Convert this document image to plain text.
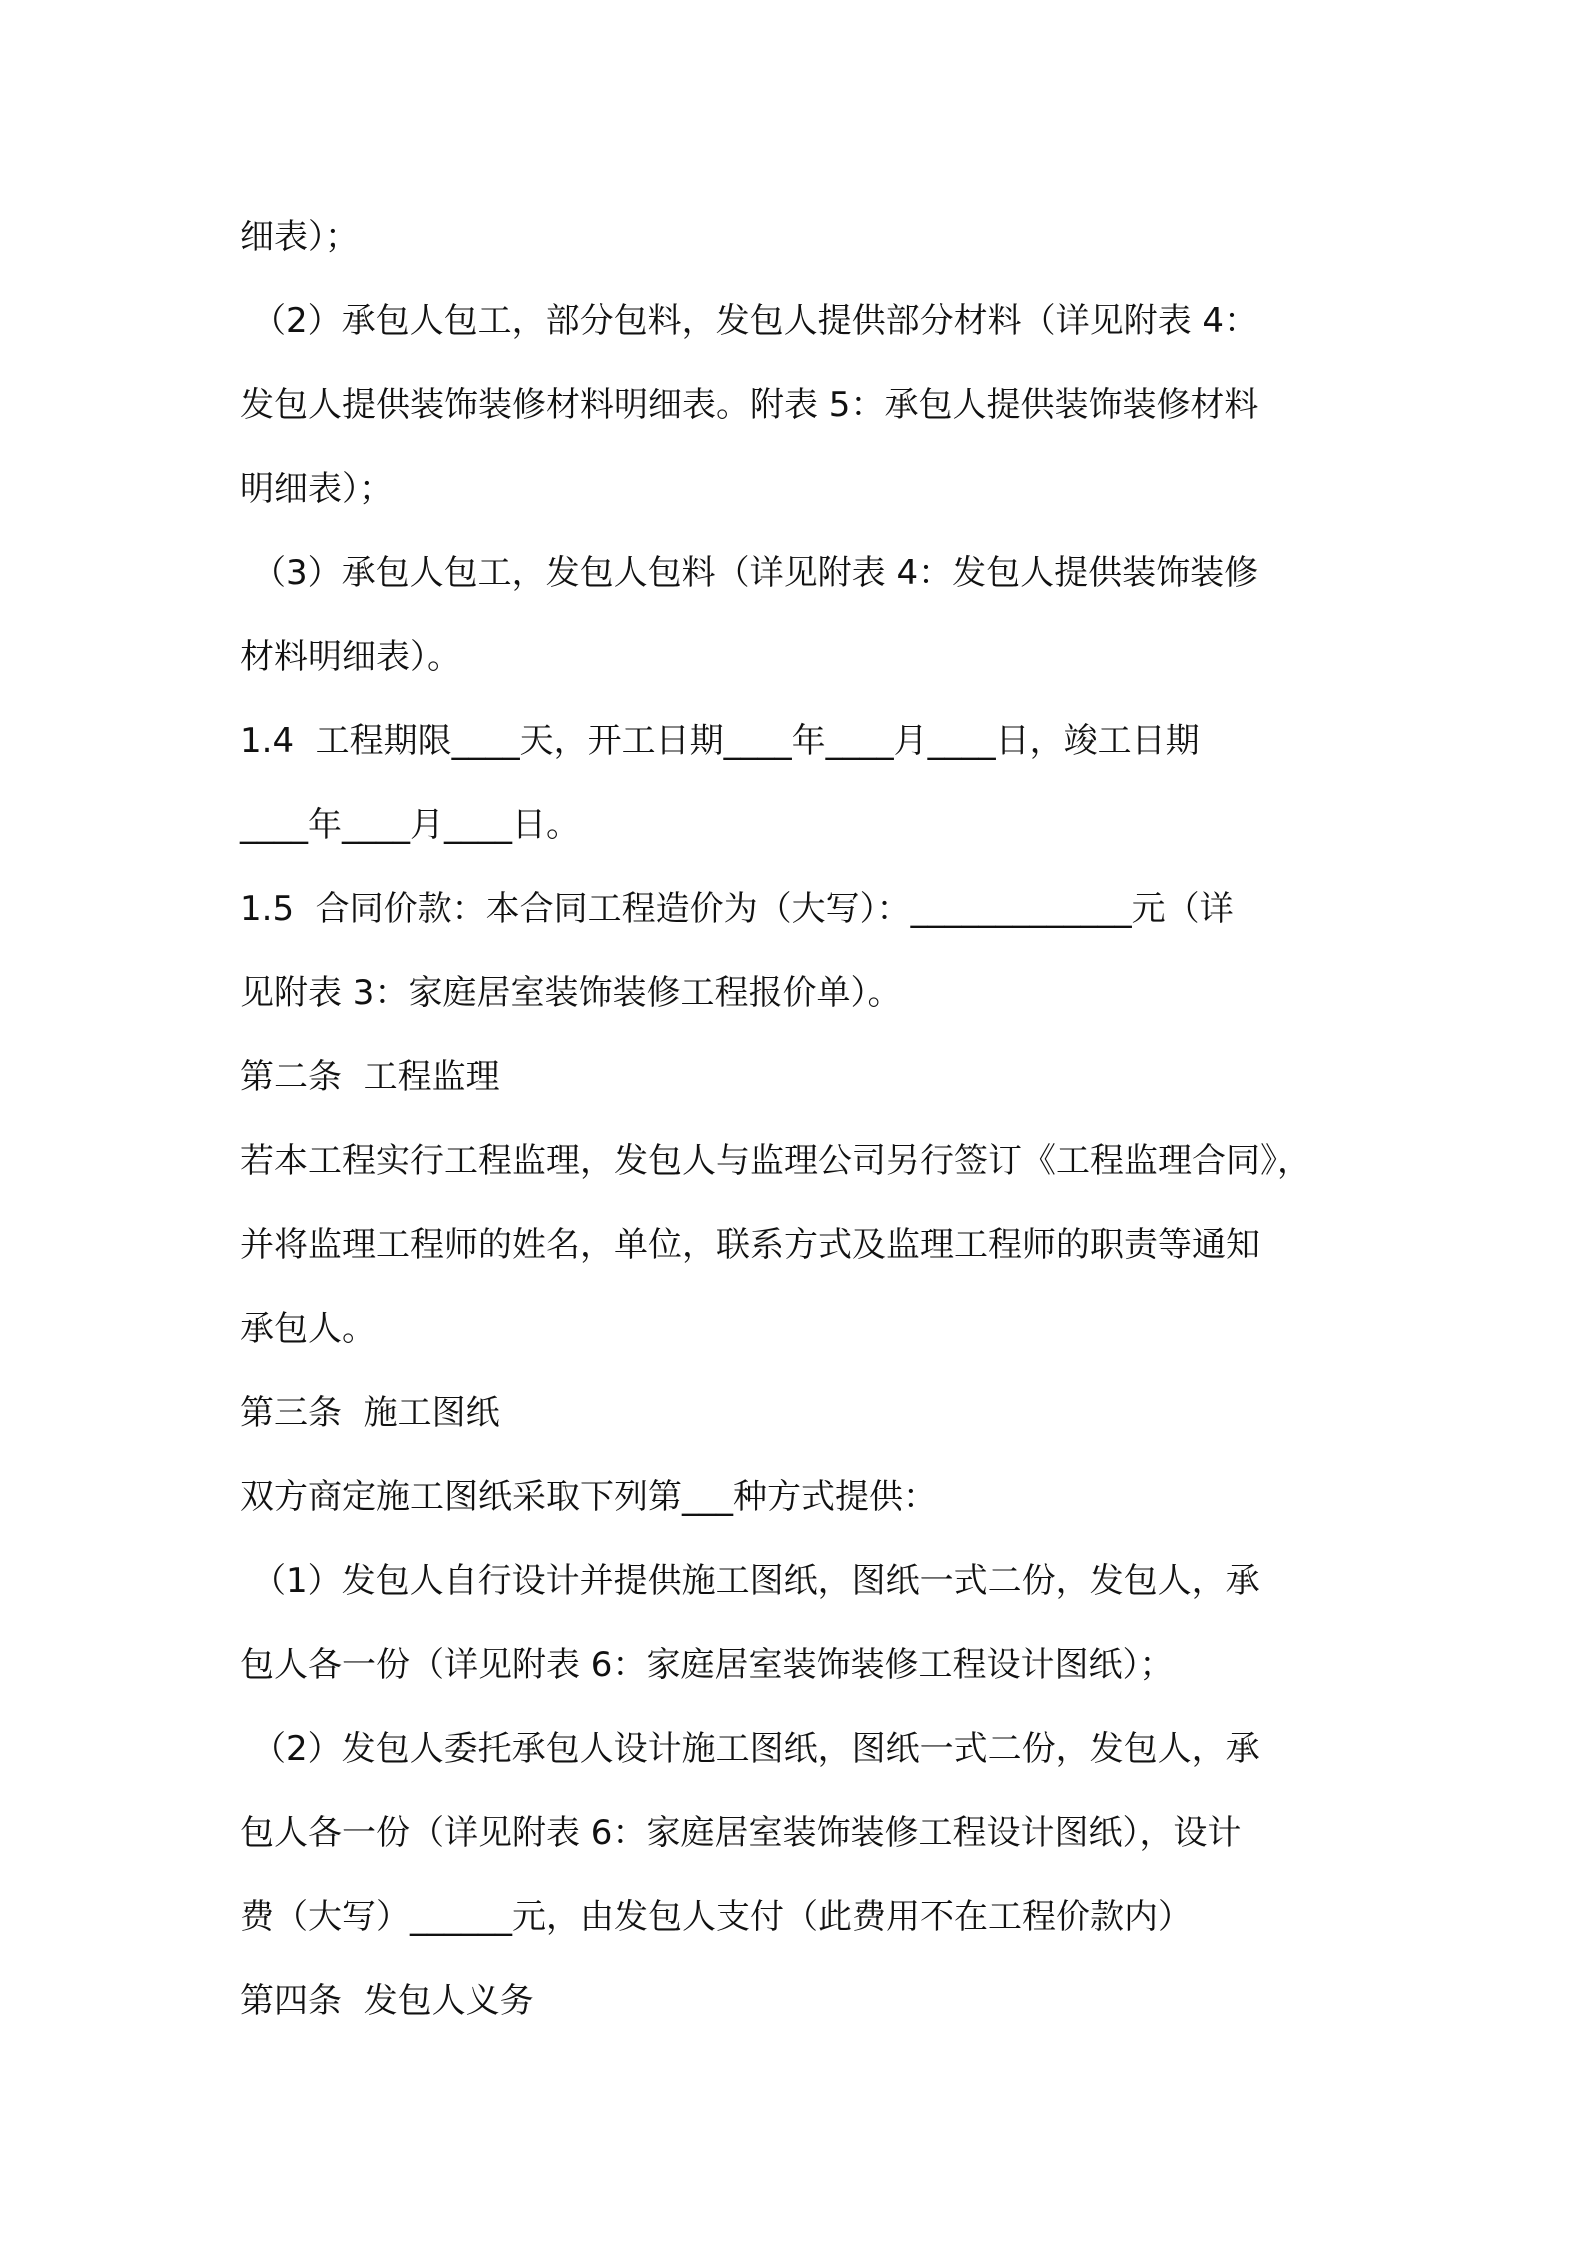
细表）；
（2）承包人包工，部分包料，发包人提供部分材料（详见附表 4：
发包人提供装饰装修材料明细表。附表 5：承包人提供装饰装修材料
明细表）；
（3）承包人包工，发包人包料（详见附表 4：发包人提供装饰装修
材料明细表）。
1.4  工程期限____天，开工日期____年____月____日，竣工日期
____年____月____日。
1.5  合同价款：本合同工程造价为（大写）：_____________元（详
见附表 3：家庭居室装饰装修工程报价单）。
第二条  工程监理
若本工程实行工程监理，发包人与监理公司另行签订《工程监理合同》，
并将监理工程师的姓名，单位，联系方式及监理工程师的职责等通知
承包人。
第三条  施工图纸
双方商定施工图纸采取下列第___种方式提供：
（1）发包人自行设计并提供施工图纸，图纸一式二份，发包人，承
包人各一份（详见附表 6：家庭居室装饰装修工程设计图纸）；
（2）发包人委托承包人设计施工图纸，图纸一式二份，发包人，承
包人各一份（详见附表 6：家庭居室装饰装修工程设计图纸），设计
费（大写）______元，由发包人支付（此费用不在工程价款内）
第四条  发包人义务
